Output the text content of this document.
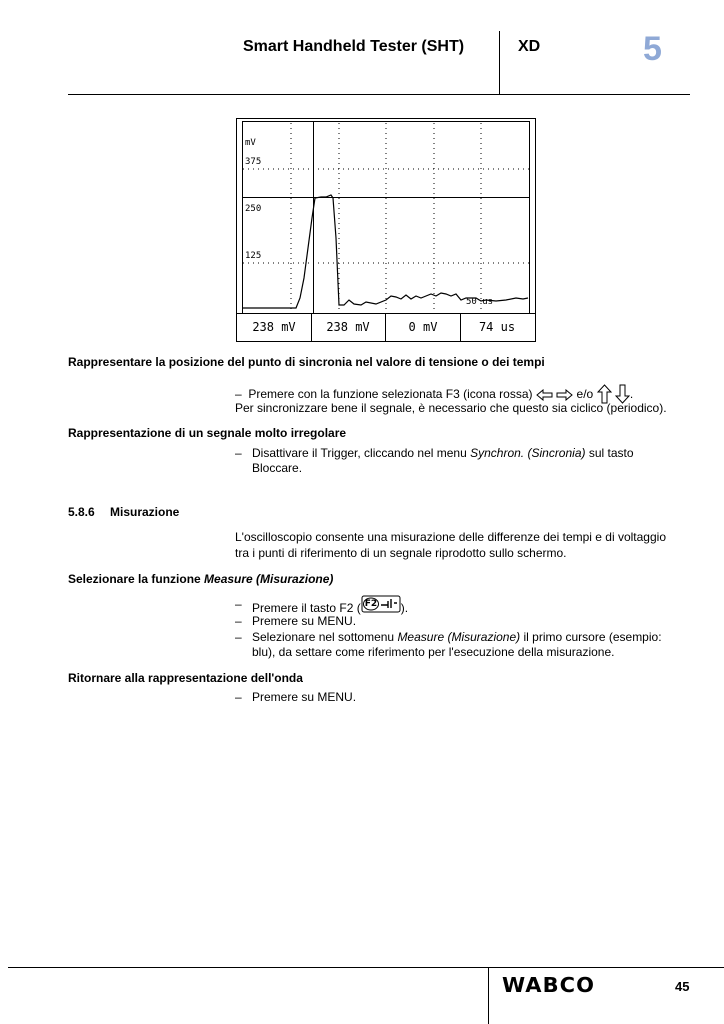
Smart Handheld Tester (SHT)	XD	5
mV
375
250
125
50 us
238 mV	238 mV	0 mV	74 us
Rappresentare la posizione del punto di sincronia nel valore di tensione o dei tempi
– Premere con la funzione selezionata F3 (icona rossa)	e/o	.
Per sincronizzare bene il segnale, è necessario che questo sia ciclico (periodico).
Rappresentazione di un segnale molto irregolare
– Disattivare il Trigger, cliccando nel menu Synchron. (Sincronia) sul tasto
Bloccare.
5.8.6 Misurazione
L'oscilloscopio consente una misurazione delle differenze dei tempi e di voltaggio
tra i punti di riferimento di un segnale riprodotto sullo schermo.
Selezionare la funzione Measure (Misurazione)
– Premere il tasto F2 ( F2 ).
– Premere su MENU.
– Selezionare nel sottomenu Measure (Misurazione) il primo cursore (esempio:
blu), da settare come riferimento per l'esecuzione della misurazione.
Ritornare alla rappresentazione dell'onda
– Premere su MENU.
WABCO	45
